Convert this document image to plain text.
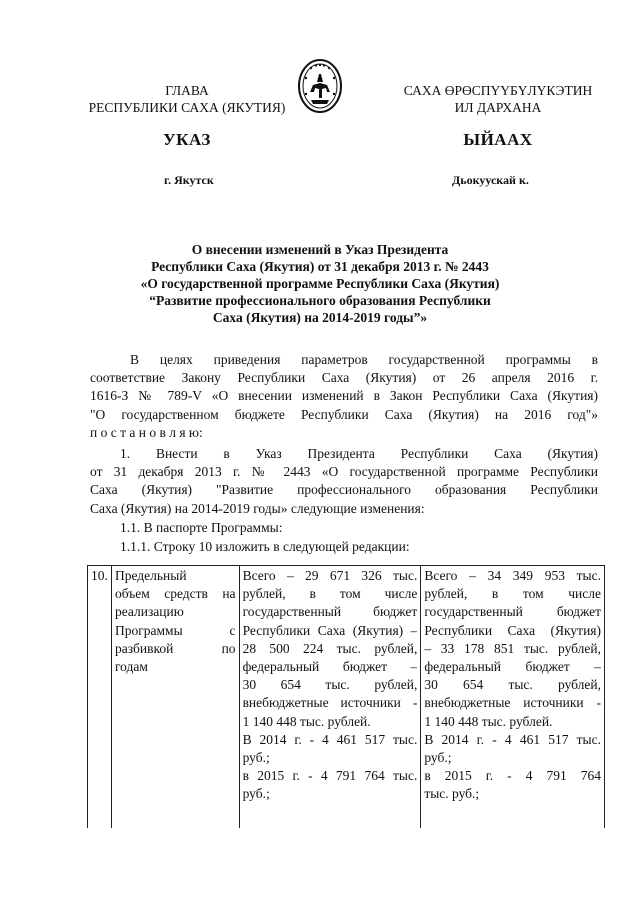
ГЛАВА
РЕСПУБЛИКИ САХА (ЯКУТИЯ)
САХА ӨРӨСПҮҮБҮЛҮКЭТИН
ИЛ ДАРХАНА
УКАЗ	ЫЙААХ
г. Якутск	Дьокуускай к.
О внесении изменений в Указ Президента
Республики Саха (Якутия) от 31 декабря 2013 г. № 2443
«О государственной программе Республики Саха (Якутия)
“Развитие профессионального образования Республики
Саха (Якутия) на 2014-2019 годы”»
В целях приведения параметров государственной программы в
соответствие Закону Республики Саха (Якутия) от 26 апреля 2016 г.
1616-З № 789-V «О внесении изменений в Закон Республики Саха (Якутия)
"О государственном бюджете Республики Саха (Якутия) на 2016 год"»
п о с т а н о в л я ю:
1. Внести в Указ Президента Республики Саха (Якутия)
от 31 декабря 2013 г. № 2443 «О государственной программе Республики
Саха (Якутия) "Развитие профессионального образования Республики
Саха (Якутия) на 2014-2019 годы» следующие изменения:
1.1. В паспорте Программы:
1.1.1. Строку 10 изложить в следующей редакции:
10.	Предельный
объем средств на
реализацию
Программы с
разбивкой по
годам

Всего – 29 671 326 тыс.
рублей, в том числе
государственный бюджет
Республики Саха (Якутия) –
28 500 224 тыс. рублей,
федеральный бюджет –
30 654 тыс. рублей,
внебюджетные источники -
1 140 448 тыс. рублей.
В 2014 г. - 4 461 517 тыс.
руб.;
в 2015 г. - 4 791 764 тыс.
руб.;

Всего – 34 349 953 тыс.
рублей, в том числе
государственный бюджет
Республики Саха (Якутия)
– 33 178 851 тыс. рублей,
федеральный бюджет –
30 654 тыс. рублей,
внебюджетные источники -
1 140 448 тыс. рублей.
В 2014 г. - 4 461 517 тыс.
руб.;
в 2015 г. - 4 791 764
тыс. руб.;
